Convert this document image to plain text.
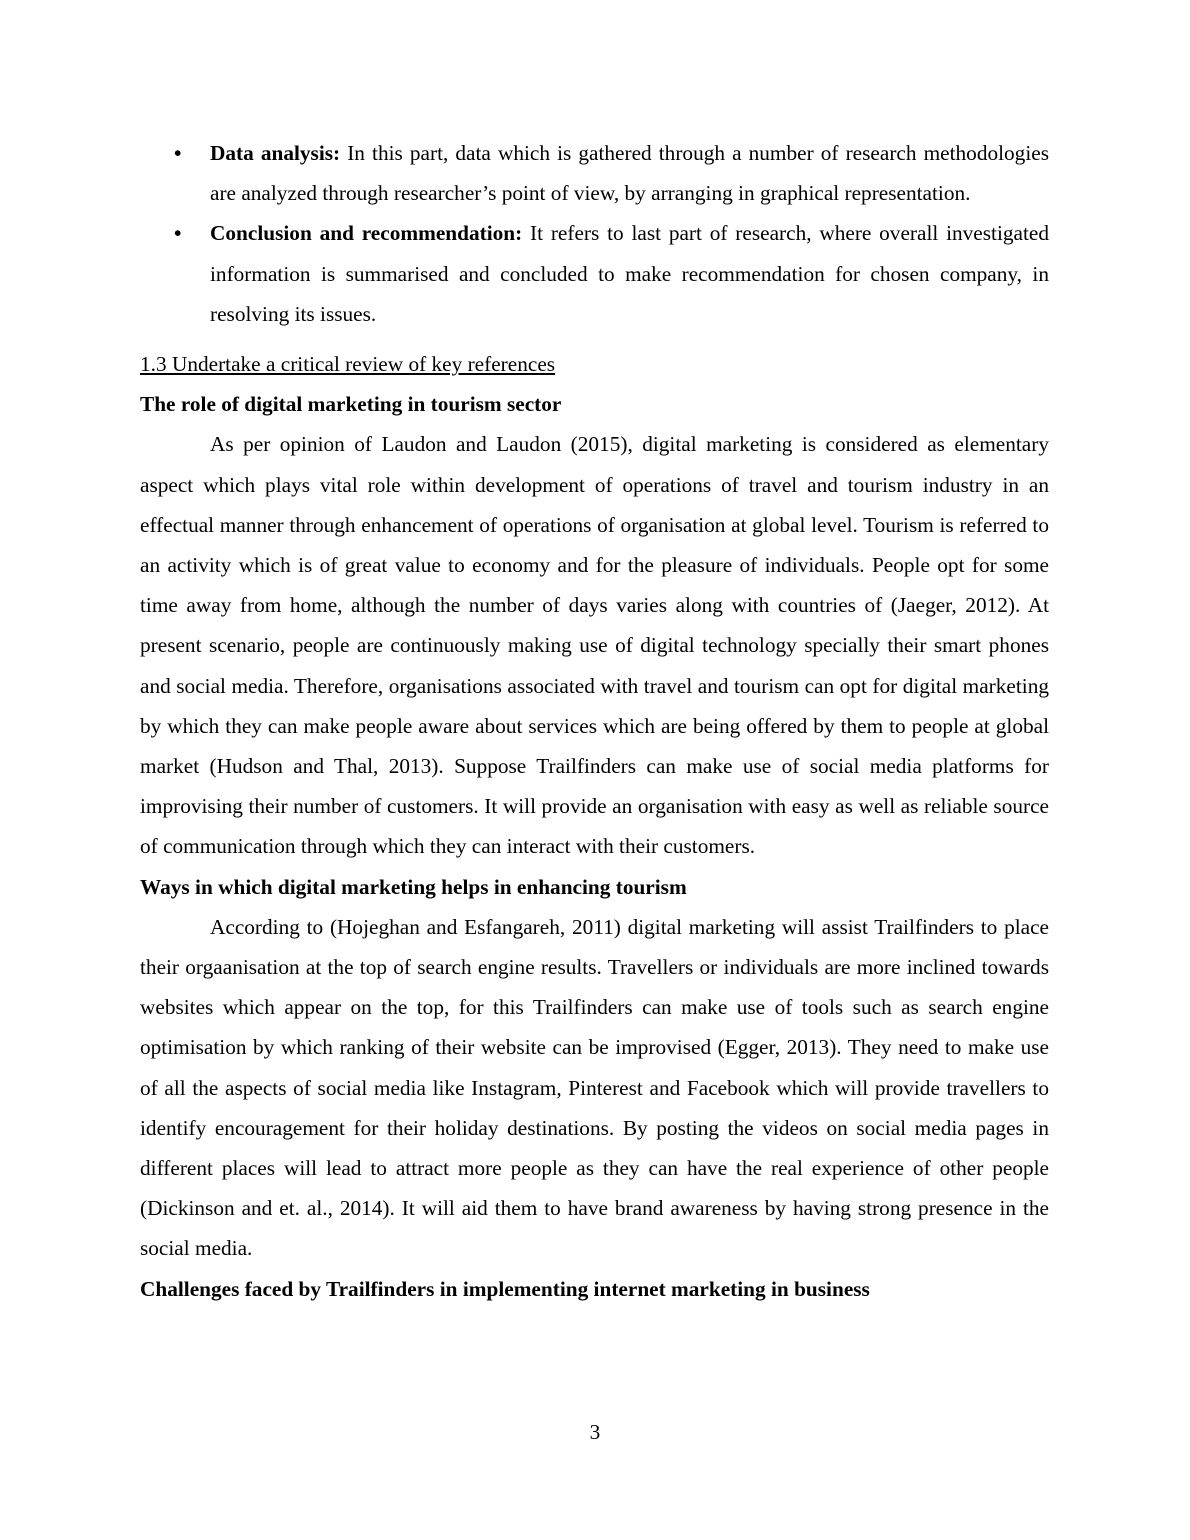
•	Data analysis: In this part, data which is gathered through a number of research methodologies are analyzed through researcher’s point of view, by arranging in graphical representation.
•	Conclusion and recommendation: It refers to last part of research, where overall investigated information is summarised and concluded to make recommendation for chosen company, in resolving its issues.
1.3 Undertake a critical review of key references
The role of digital marketing in tourism sector

As per opinion of Laudon and Laudon (2015), digital marketing is considered as elementary aspect which plays vital role within development of operations of travel and tourism industry in an effectual manner through enhancement of operations of organisation at global level. Tourism is referred to an activity which is of great value to economy and for the pleasure of individuals. People opt for some time away from home, although the number of days varies along with countries of (Jaeger, 2012). At present scenario, people are continuously making use of digital technology specially their smart phones and social media. Therefore, organisations associated with travel and tourism can opt for digital marketing by which they can make people aware about services which are being offered by them to people at global market (Hudson and Thal, 2013). Suppose Trailfinders can make use of social media platforms for improvising their number of customers. It will provide an organisation with easy as well as reliable source of communication through which they can interact with their customers.

Ways in which digital marketing helps in enhancing tourism

According to (Hojeghan and Esfangareh, 2011) digital marketing will assist Trailfinders to place their orgaanisation at the top of search engine results. Travellers or individuals are more inclined towards websites which appear on the top, for this Trailfinders can make use of tools such as search engine optimisation by which ranking of their website can be improvised (Egger, 2013). They need to make use of all the aspects of social media like Instagram, Pinterest and Facebook which will provide travellers to identify encouragement for their holiday destinations. By posting the videos on social media pages in different places will lead to attract more people as they can have the real experience of other people (Dickinson and et. al., 2014). It will aid them to have brand awareness by having strong presence in the social media.

Challenges faced by Trailfinders in implementing internet marketing in business
3
